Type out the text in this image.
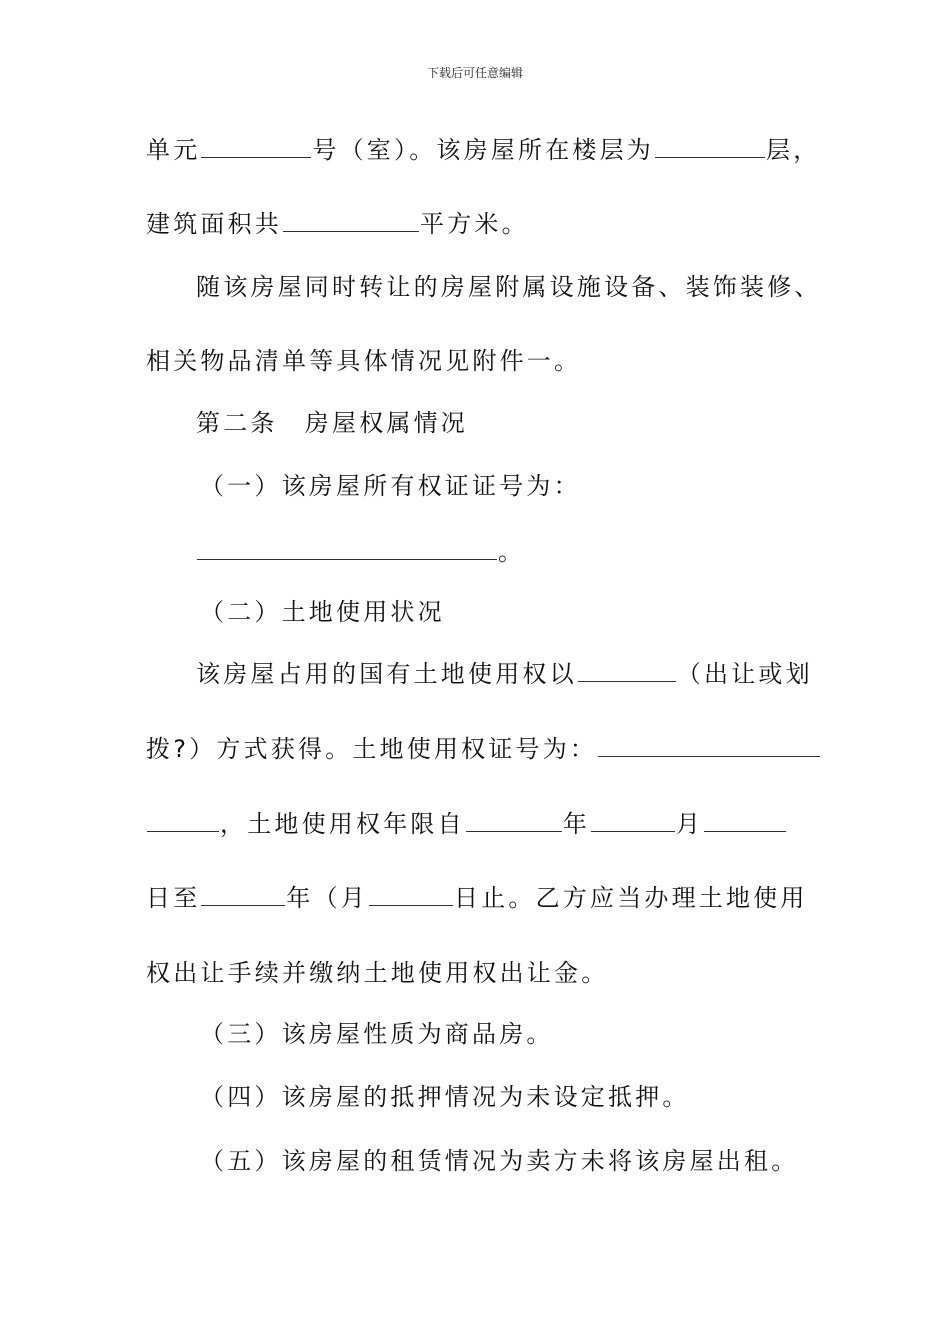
下载后可任意编辑
单元	号（室）。该房屋所在楼层为	层，
建筑面积共	平方米。
随该房屋同时转让的房屋附属设施设备、装饰装修、
相关物品清单等具体情况见附件一。
第二条　房屋权属情况
（一）该房屋所有权证证号为：
。
（二）土地使用状况
该房屋占用的国有土地使用权以	（出让或划
拨?）方式获得。土地使用权证号为：
，土地使用权年限自	年	月
日至	年（月	日止。乙方应当办理土地使用
权出让手续并缴纳土地使用权出让金。
（三）该房屋性质为商品房。
（四）该房屋的抵押情况为未设定抵押。
（五）该房屋的租赁情况为卖方未将该房屋出租。
